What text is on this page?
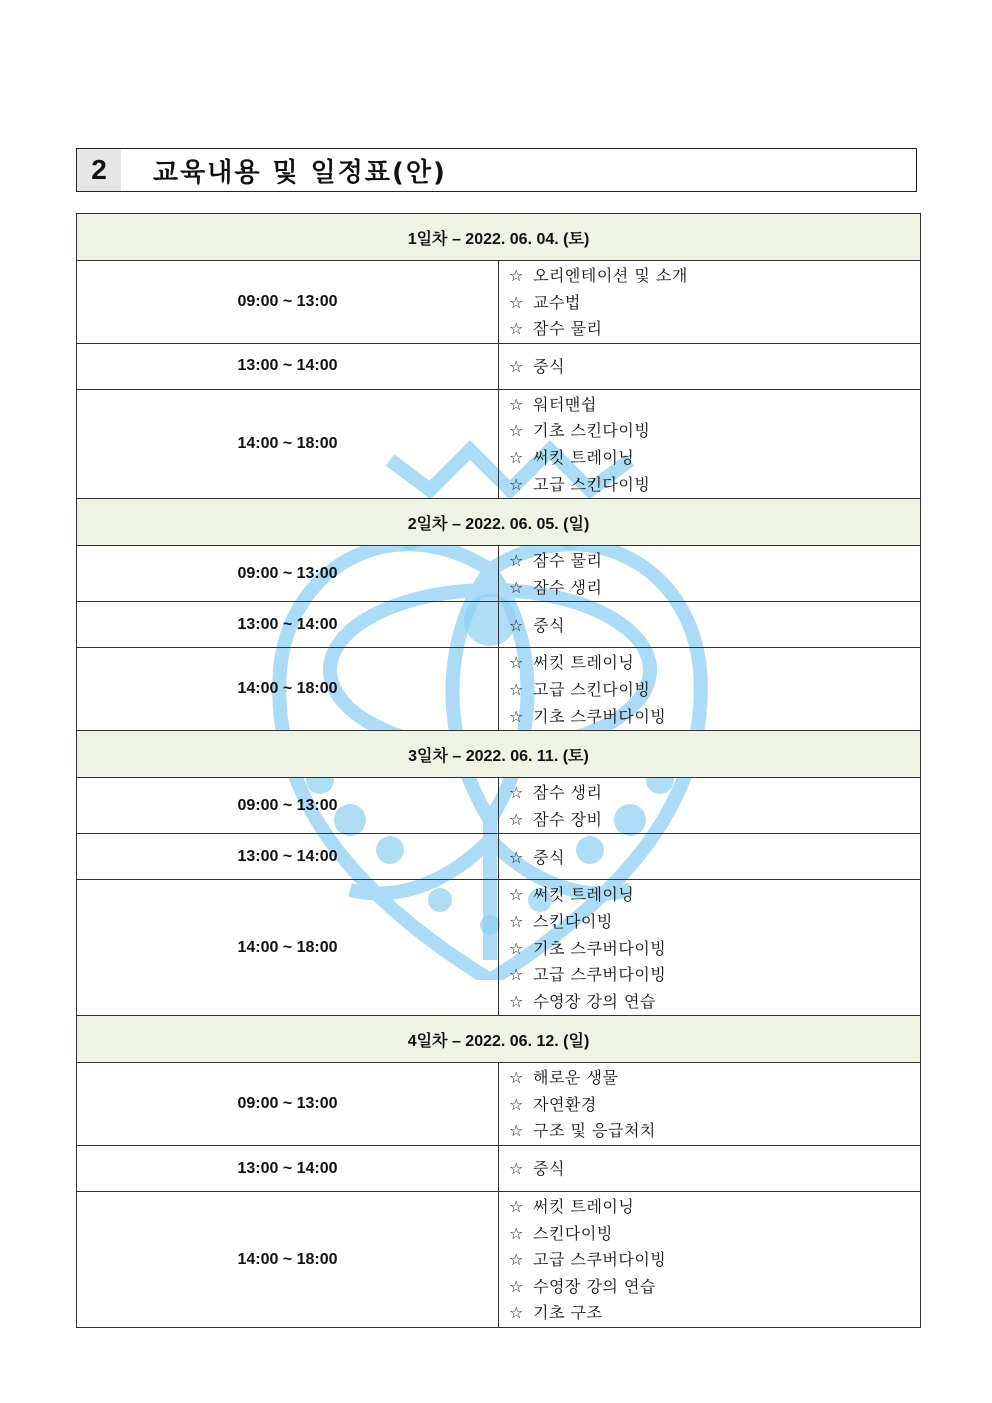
2	교육내용 및 일정표(안)
1일차 – 2022. 06. 04. (토)	
09:00 ~ 13:00	☆ 오리엔테이션 및 소개
☆ 교수법
☆ 잠수 물리

13:00 ~ 14:00	☆ 중식

14:00 ~ 18:00	☆ 워터맨쉽
☆ 기초 스킨다이빙
☆ 써킷 트레이닝
☆ 고급 스킨다이빙

2일차 – 2022. 06. 05. (일)	
09:00 ~ 13:00	☆ 잠수 물리
☆ 잠수 생리

13:00 ~ 14:00	☆ 중식

14:00 ~ 18:00	☆ 써킷 트레이닝
☆ 고급 스킨다이빙
☆ 기초 스쿠버다이빙

3일차 – 2022. 06. 11. (토)	
09:00 ~ 13:00	☆ 잠수 생리
☆ 잠수 장비

13:00 ~ 14:00	☆ 중식

14:00 ~ 18:00	☆ 써킷 트레이닝
☆ 스킨다이빙
☆ 기초 스쿠버다이빙
☆ 고급 스쿠버다이빙
☆ 수영장 강의 연습

4일차 – 2022. 06. 12. (일)	
09:00 ~ 13:00	☆ 해로운 생물
☆ 자연환경
☆ 구조 및 응급처치

13:00 ~ 14:00	☆ 중식

14:00 ~ 18:00	☆ 써킷 트레이닝
☆ 스킨다이빙
☆ 고급 스쿠버다이빙
☆ 수영장 강의 연습
☆ 기초 구조
